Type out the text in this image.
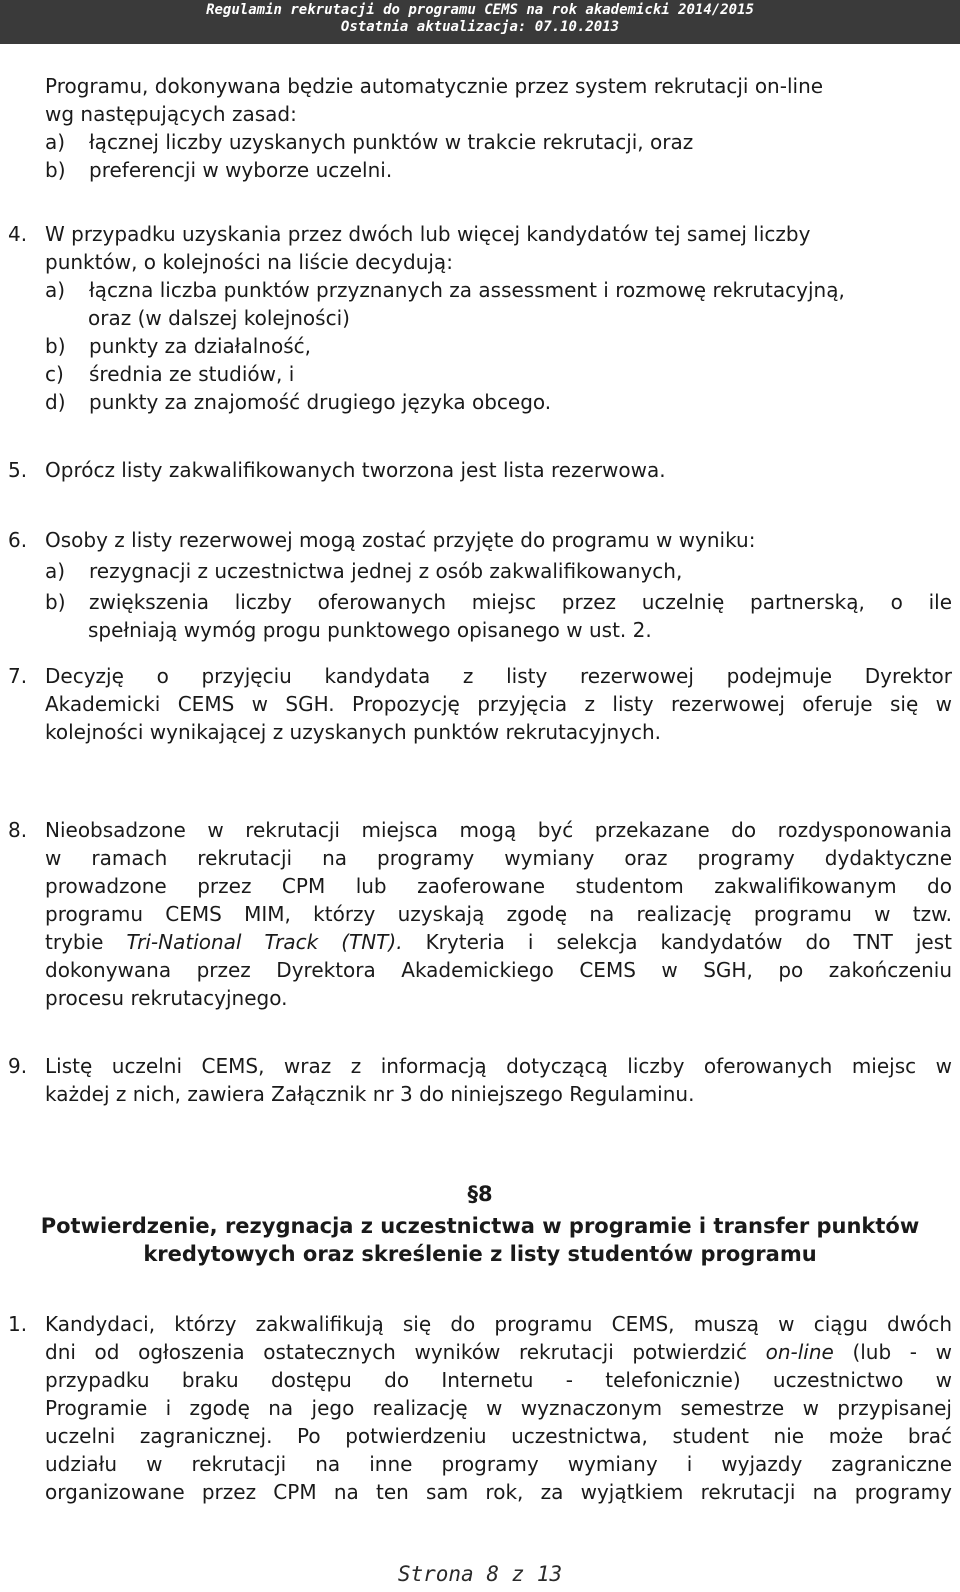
Regulamin rekrutacji do programu CEMS na rok akademicki 2014/2015
Ostatnia aktualizacja: 07.10.2013
Programu, dokonywana będzie automatycznie przez system rekrutacji on-line
wg następujących zasad:
a) łącznej liczby uzyskanych punktów w trakcie rekrutacji, oraz
b) preferencji w wyborze uczelni.
4. W przypadku uzyskania przez dwóch lub więcej kandydatów tej samej liczby
punktów, o kolejności na liście decydują:
a) łączna liczba punktów przyznanych za assessment i rozmowę rekrutacyjną,
oraz (w dalszej kolejności)
b) punkty za działalność,
c) średnia ze studiów, i
d) punkty za znajomość drugiego języka obcego.
5. Oprócz listy zakwalifikowanych tworzona jest lista rezerwowa.
6. Osoby z listy rezerwowej mogą zostać przyjęte do programu w wyniku:
a) rezygnacji z uczestnictwa jednej z osób zakwalifikowanych,
b)	zwiększenia liczby oferowanych miejsc przez uczelnię partnerską, o ile
spełniają wymóg progu punktowego opisanego w ust. 2.
7. Decyzję o przyjęciu kandydata z listy rezerwowej podejmuje Dyrektor
Akademicki CEMS w SGH. Propozycję przyjęcia z listy rezerwowej oferuje się w
kolejności wynikającej z uzyskanych punktów rekrutacyjnych.
8. Nieobsadzone w rekrutacji miejsca mogą być przekazane do rozdysponowania
w ramach rekrutacji na programy wymiany oraz programy dydaktyczne
prowadzone przez CPM lub zaoferowane studentom zakwalifikowanym do
programu CEMS MIM, którzy uzyskają zgodę na realizację programu w tzw.
trybie Tri-National Track (TNT). Kryteria i selekcja kandydatów do TNT jest
dokonywana przez Dyrektora Akademickiego CEMS w SGH, po zakończeniu
procesu rekrutacyjnego.
9. Listę uczelni CEMS, wraz z informacją dotyczącą liczby oferowanych miejsc w
każdej z nich, zawiera Załącznik nr 3 do niniejszego Regulaminu.
§8
Potwierdzenie, rezygnacja z uczestnictwa w programie i transfer punktów
kredytowych oraz skreślenie z listy studentów programu
1. Kandydaci, którzy zakwalifikują się do programu CEMS, muszą w ciągu dwóch
dni od ogłoszenia ostatecznych wyników rekrutacji potwierdzić on-line (lub - w
przypadku braku dostępu do Internetu - telefonicznie) uczestnictwo w
Programie i zgodę na jego realizację w wyznaczonym semestrze w przypisanej
uczelni zagranicznej. Po potwierdzeniu uczestnictwa, student nie może brać
udziału w rekrutacji na inne programy wymiany i wyjazdy zagraniczne
organizowane przez CPM na ten sam rok, za wyjątkiem rekrutacji na programy
Strona 8 z 13
